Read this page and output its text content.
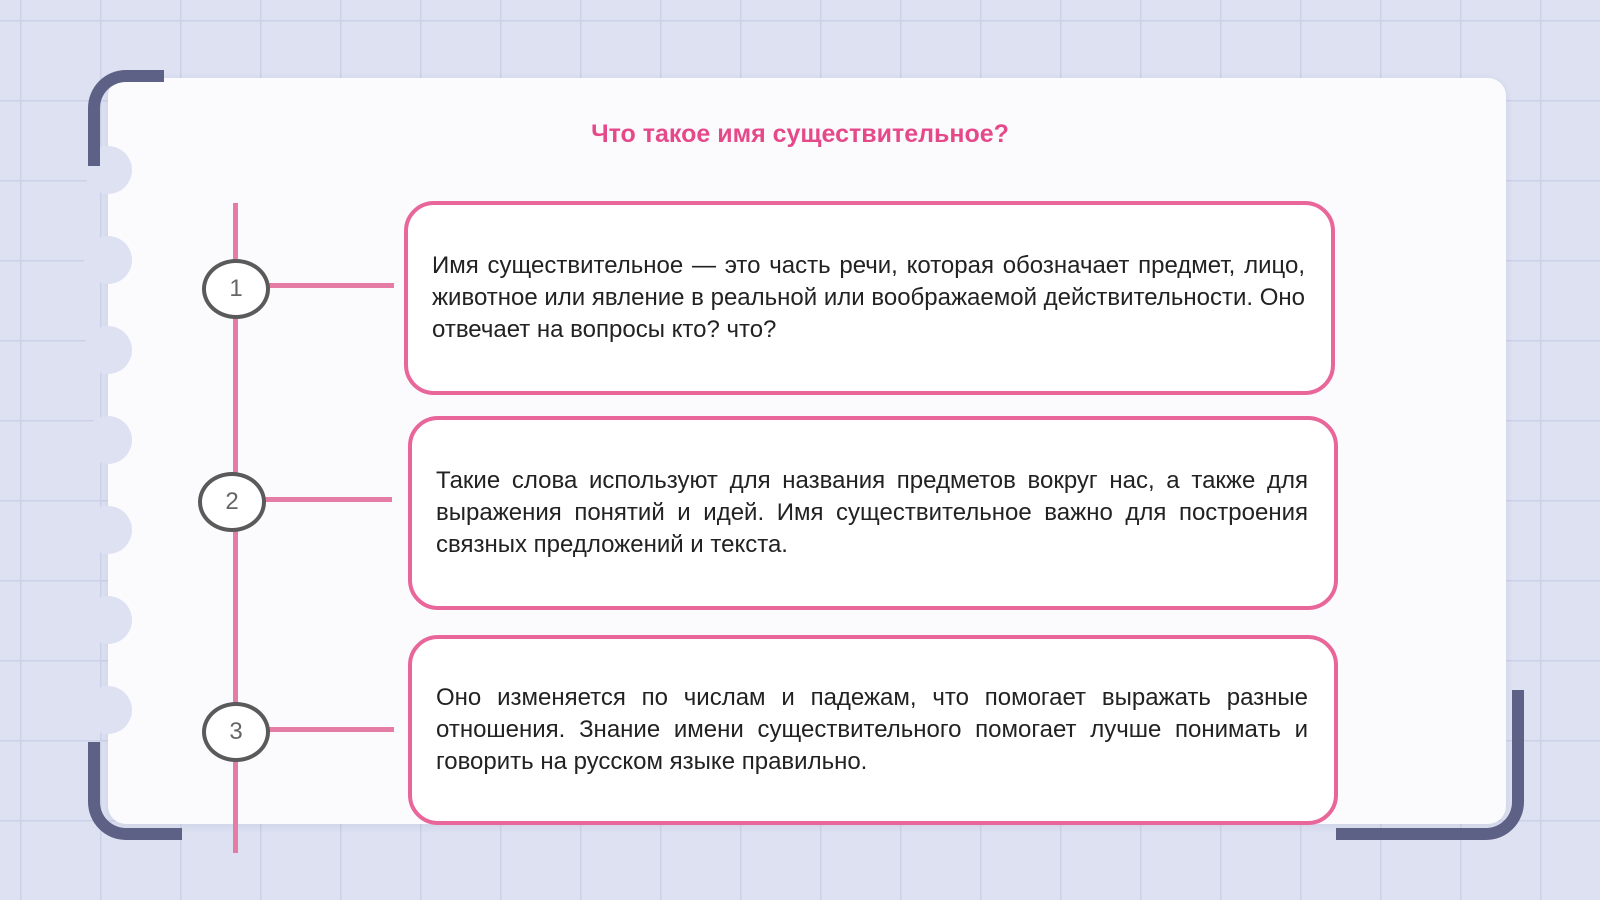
Что такое имя существительное?
1
2
3
Имя существительное — это часть речи, которая обозначает предмет, лицо, животное или явление в реальной или воображаемой действительности. Оно отвечает на вопросы кто? что?
Такие слова используют для названия предметов вокруг нас, а также для выражения понятий и идей. Имя существительное важно для построения связных предложений и текста.
Оно изменяется по числам и падежам, что помогает выражать разные отношения. Знание имени существительного помогает лучше понимать и говорить на русском языке правильно.
